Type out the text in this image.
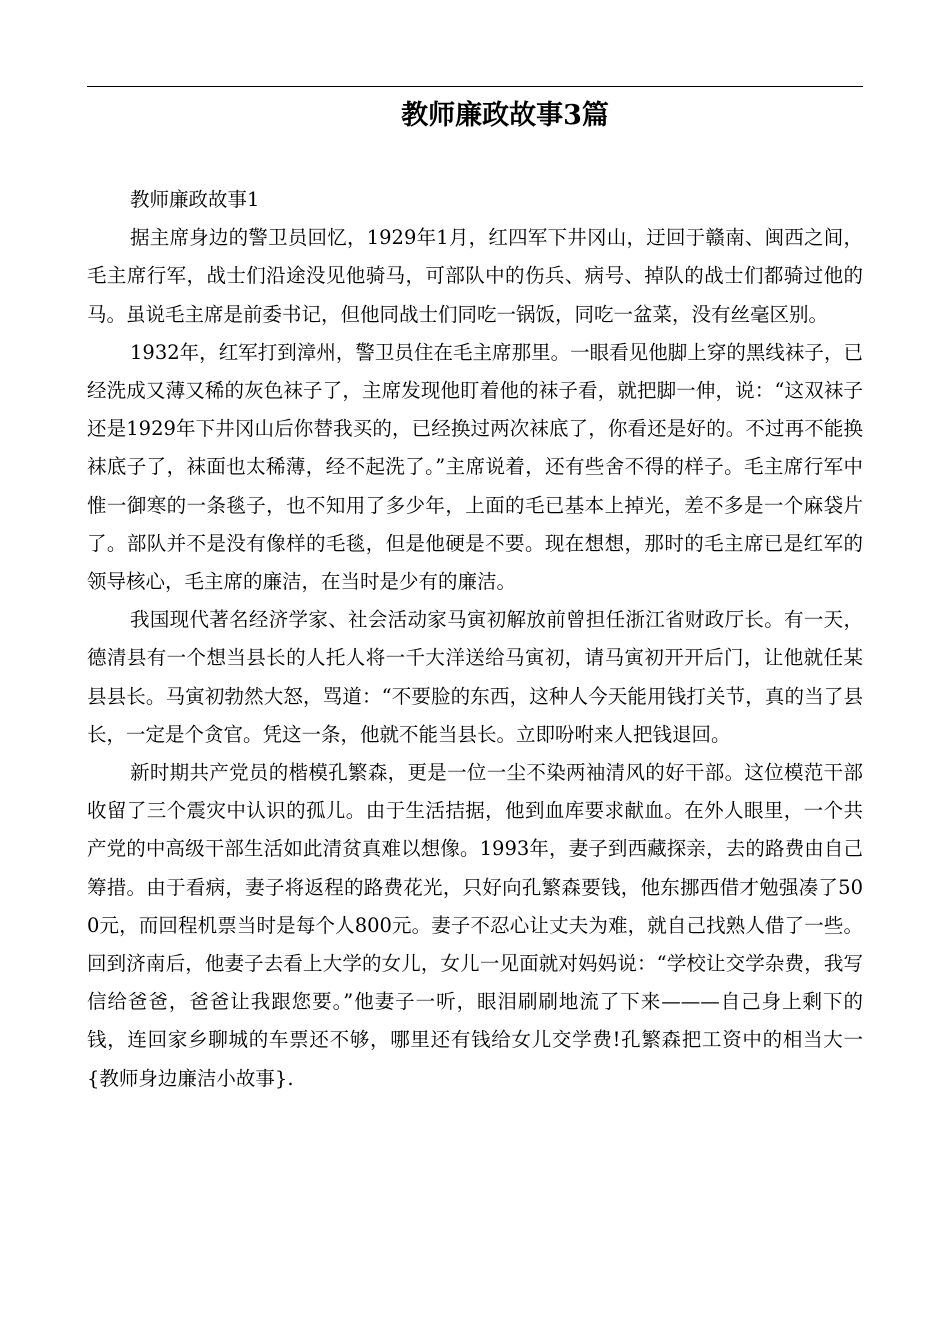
教师廉政故事3篇

教师廉政故事1

据主席身边的警卫员回忆，1929年1月，红四军下井冈山，迂回于赣南、闽西之间，毛主席行军，战士们沿途没见他骑马，可部队中的伤兵、病号、掉队的战士们都骑过他的马。虽说毛主席是前委书记，但他同战士们同吃一锅饭，同吃一盆菜，没有丝毫区别。

1932年，红军打到漳州，警卫员住在毛主席那里。一眼看见他脚上穿的黑线袜子，已经洗成又薄又稀的灰色袜子了，主席发现他盯着他的袜子看，就把脚一伸，说：“这双袜子还是1929年下井冈山后你替我买的，已经换过两次袜底了，你看还是好的。不过再不能换袜底子了，袜面也太稀薄，经不起洗了。”主席说着，还有些舍不得的样子。毛主席行军中惟一御寒的一条毯子，也不知用了多少年，上面的毛已基本上掉光，差不多是一个麻袋片了。部队并不是没有像样的毛毯，但是他硬是不要。现在想想，那时的毛主席已是红军的领导核心，毛主席的廉洁，在当时是少有的廉洁。

我国现代著名经济学家、社会活动家马寅初解放前曾担任浙江省财政厅长。有一天，德清县有一个想当县长的人托人将一千大洋送给马寅初，请马寅初开开后门，让他就任某县县长。马寅初勃然大怒，骂道：“不要脸的东西，这种人今天能用钱打关节，真的当了县长，一定是个贪官。凭这一条，他就不能当县长。立即吩咐来人把钱退回。

新时期共产党员的楷模孔繁森，更是一位一尘不染两袖清风的好干部。这位模范干部收留了三个震灾中认识的孤儿。由于生活拮据，他到血库要求献血。在外人眼里，一个共产党的中高级干部生活如此清贫真难以想像。1993年，妻子到西藏探亲，去的路费由自己筹措。由于看病，妻子将返程的路费花光，只好向孔繁森要钱，他东挪西借才勉强凑了500元，而回程机票当时是每个人800元。妻子不忍心让丈夫为难，就自己找熟人借了一些。回到济南后，他妻子去看上大学的女儿，女儿一见面就对妈妈说：“学校让交学杂费，我写信给爸爸，爸爸让我跟您要。”他妻子一听，眼泪刷刷地流了下来———自己身上剩下的钱，连回家乡聊城的车票还不够，哪里还有钱给女儿交学费!孔繁森把工资中的相当大一{教师身边廉洁小故事}.
